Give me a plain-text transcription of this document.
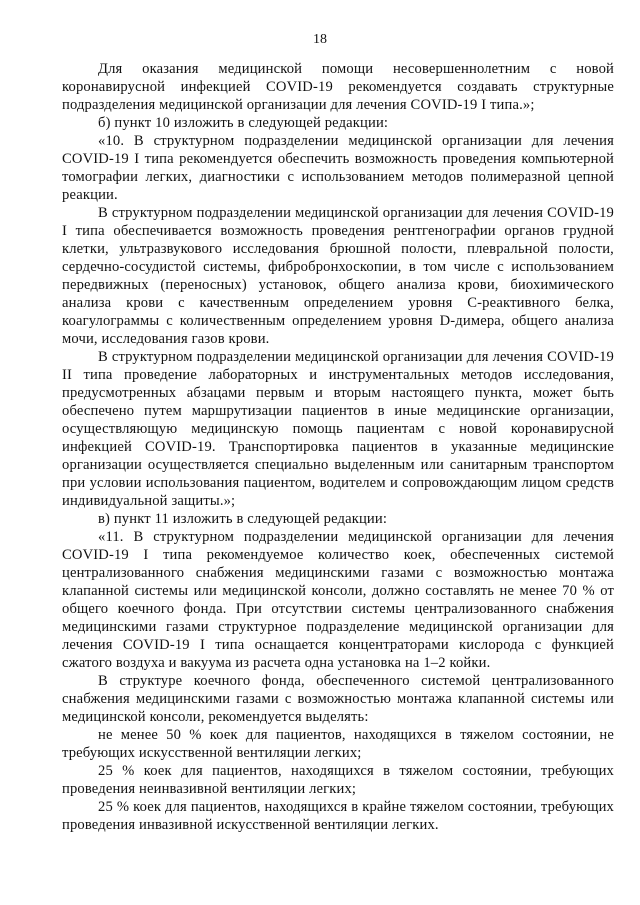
18

Для оказания медицинской помощи несовершеннолетним с новой коронавирусной инфекцией COVID-19 рекомендуется создавать структурные подразделения медицинской организации для лечения COVID-19 I типа.»;

б) пункт 10 изложить в следующей редакции:

«10. В структурном подразделении медицинской организации для лечения COVID-19 I типа рекомендуется обеспечить возможность проведения компьютерной томографии легких, диагностики с использованием методов полимеразной цепной реакции.

В структурном подразделении медицинской организации для лечения COVID-19 I типа обеспечивается возможность проведения рентгенографии органов грудной клетки, ультразвукового исследования брюшной полости, плевральной полости, сердечно-сосудистой системы, фибробронхоскопии, в том числе с использованием передвижных (переносных) установок, общего анализа крови, биохимического анализа крови с качественным определением уровня С-реактивного белка, коагулограммы с количественным определением уровня D-димера, общего анализа мочи, исследования газов крови.

В структурном подразделении медицинской организации для лечения COVID-19 II типа проведение лабораторных и инструментальных методов исследования, предусмотренных абзацами первым и вторым настоящего пункта, может быть обеспечено путем маршрутизации пациентов в иные медицинские организации, осуществляющую медицинскую помощь пациентам с новой коронавирусной инфекцией COVID-19. Транспортировка пациентов в указанные медицинские организации осуществляется специально выделенным или санитарным транспортом при условии использования пациентом, водителем и сопровождающим лицом средств индивидуальной защиты.»;

в) пункт 11 изложить в следующей редакции:

«11. В структурном подразделении медицинской организации для лечения COVID-19 I типа рекомендуемое количество коек, обеспеченных системой централизованного снабжения медицинскими газами с возможностью монтажа клапанной системы или медицинской консоли, должно составлять не менее 70 % от общего коечного фонда. При отсутствии системы централизованного снабжения медицинскими газами структурное подразделение медицинской организации для лечения COVID-19 I типа оснащается концентраторами кислорода с функцией сжатого воздуха и вакуума из расчета одна установка на 1–2 койки.

В структуре коечного фонда, обеспеченного системой централизованного снабжения медицинскими газами с возможностью монтажа клапанной системы или медицинской консоли, рекомендуется выделять:

не менее 50 % коек для пациентов, находящихся в тяжелом состоянии, не требующих искусственной вентиляции легких;

25 % коек для пациентов, находящихся в тяжелом состоянии, требующих проведения неинвазивной вентиляции легких;

25 % коек для пациентов, находящихся в крайне тяжелом состоянии, требующих проведения инвазивной искусственной вентиляции легких.
